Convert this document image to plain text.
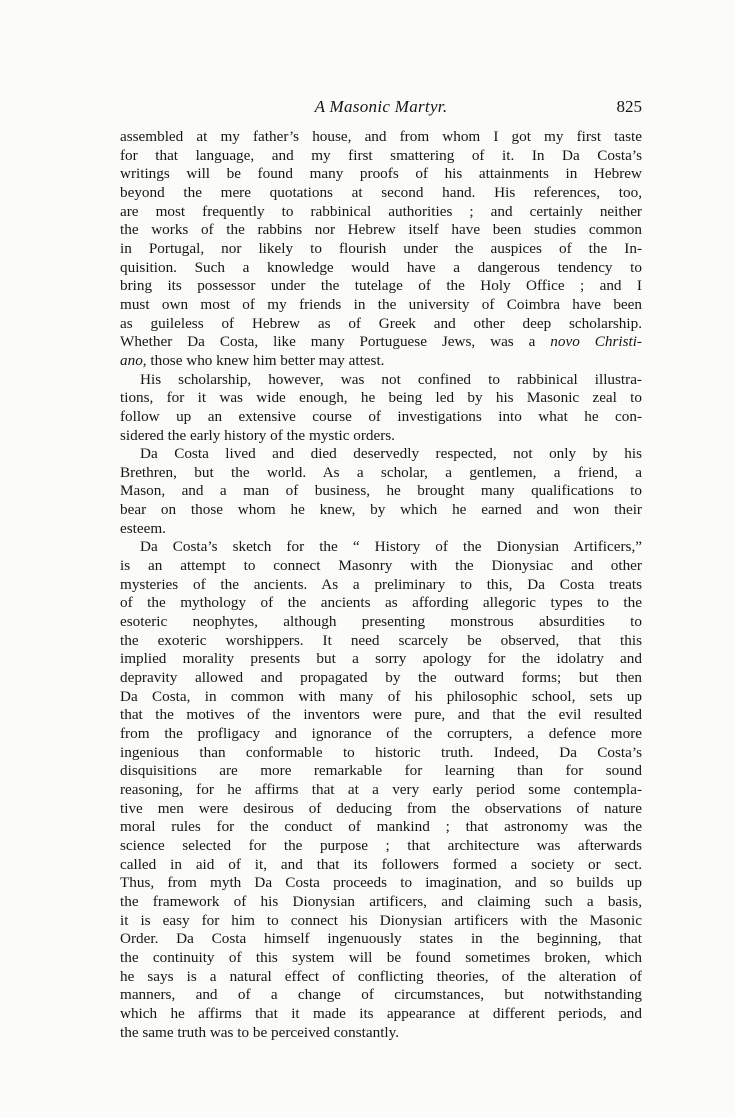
A Masonic Martyr.	825
assembled at my father’s house, and from whom I got my first taste
for that language, and my first smattering of it. In Da Costa’s
writings will be found many proofs of his attainments in Hebrew
beyond the mere quotations at second hand. His references, too,
are most frequently to rabbinical authorities ; and certainly neither
the works of the rabbins nor Hebrew itself have been studies common
in Portugal, nor likely to flourish under the auspices of the In-
quisition. Such a knowledge would have a dangerous tendency to
bring its possessor under the tutelage of the Holy Office ; and I
must own most of my friends in the university of Coimbra have been
as guileless of Hebrew as of Greek and other deep scholarship.
Whether Da Costa, like many Portuguese Jews, was a novo Christi-
ano, those who knew him better may attest.
His scholarship, however, was not confined to rabbinical illustra-
tions, for it was wide enough, he being led by his Masonic zeal to
follow up an extensive course of investigations into what he con-
sidered the early history of the mystic orders.
Da Costa lived and died deservedly respected, not only by his
Brethren, but the world. As a scholar, a gentlemen, a friend, a
Mason, and a man of business, he brought many qualifications to
bear on those whom he knew, by which he earned and won their
esteem.
Da Costa’s sketch for the “ History of the Dionysian Artificers,”
is an attempt to connect Masonry with the Dionysiac and other
mysteries of the ancients. As a preliminary to this, Da Costa treats
of the mythology of the ancients as affording allegoric types to the
esoteric neophytes, although presenting monstrous absurdities to
the exoteric worshippers. It need scarcely be observed, that this
implied morality presents but a sorry apology for the idolatry and
depravity allowed and propagated by the outward forms; but then
Da Costa, in common with many of his philosophic school, sets up
that the motives of the inventors were pure, and that the evil resulted
from the profligacy and ignorance of the corrupters, a defence more
ingenious than conformable to historic truth. Indeed, Da Costa’s
disquisitions are more remarkable for learning than for sound
reasoning, for he affirms that at a very early period some contempla-
tive men were desirous of deducing from the observations of nature
moral rules for the conduct of mankind ; that astronomy was the
science selected for the purpose ; that architecture was afterwards
called in aid of it, and that its followers formed a society or sect.
Thus, from myth Da Costa proceeds to imagination, and so builds up
the framework of his Dionysian artificers, and claiming such a basis,
it is easy for him to connect his Dionysian artificers with the Masonic
Order. Da Costa himself ingenuously states in the beginning, that
the continuity of this system will be found sometimes broken, which
he says is a natural effect of conflicting theories, of the alteration of
manners, and of a change of circumstances, but notwithstanding
which he affirms that it made its appearance at different periods, and
the same truth was to be perceived constantly.
